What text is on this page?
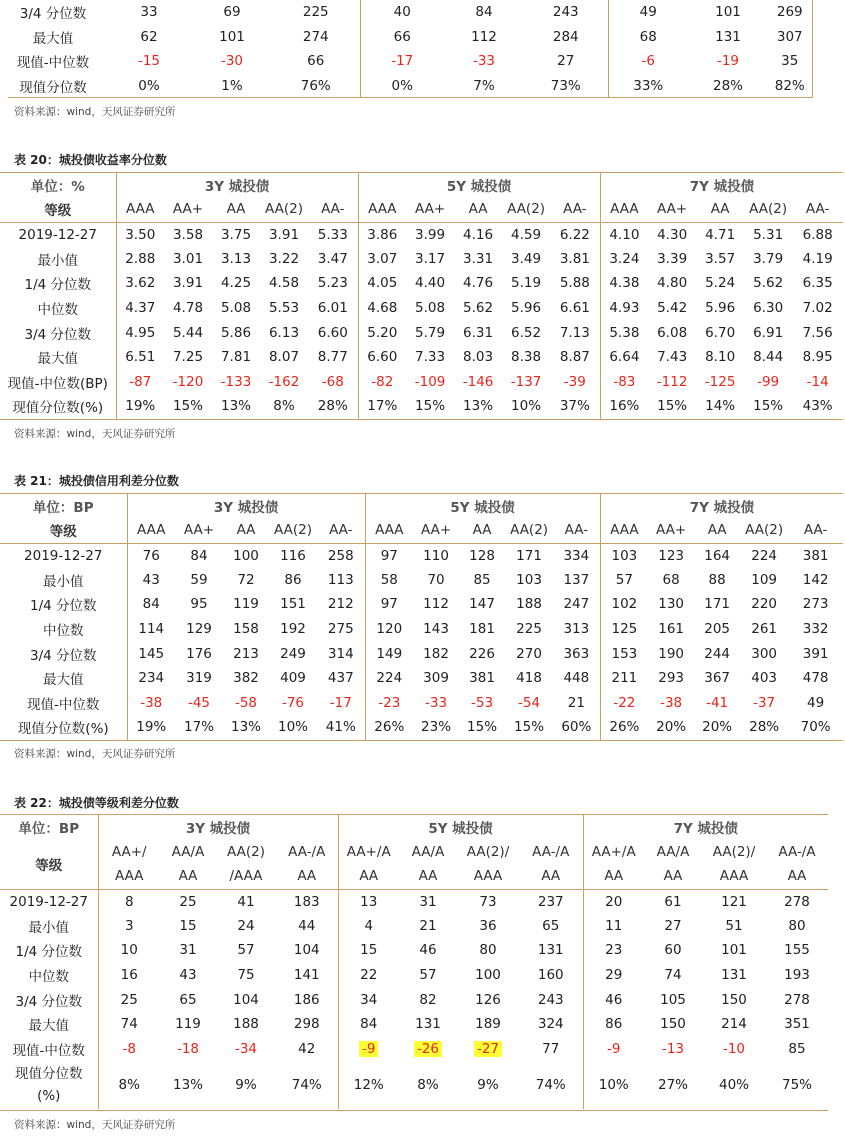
3/4 分位数	33	69	225	40	84	243	49	101	269	
最大值	62	101	274	66	112	284	68	131	307	
现值-中位数	-15	-30	66	-17	-33	27	-6	-19	35	
现值分位数	0%	1%	76%	0%	7%	73%	33%	28%	82%	
资料来源：wind，天风证券研究所
表 20：城投债收益率分位数
单位：%	3Y 城投债					5Y 城投债					7Y 城投债				
等级	AAA	AA+	AA	AA(2)	AA-	AAA	AA+	AA	AA(2)	AA-	AAA	AA+	AA	AA(2)	AA-
2019-12-27	3.50	3.58	3.75	3.91	5.33	3.86	3.99	4.16	4.59	6.22	4.10	4.30	4.71	5.31	6.88
最小值	2.88	3.01	3.13	3.22	3.47	3.07	3.17	3.31	3.49	3.81	3.24	3.39	3.57	3.79	4.19
1/4 分位数	3.62	3.91	4.25	4.58	5.23	4.05	4.40	4.76	5.19	5.88	4.38	4.80	5.24	5.62	6.35
中位数	4.37	4.78	5.08	5.53	6.01	4.68	5.08	5.62	5.96	6.61	4.93	5.42	5.96	6.30	7.02
3/4 分位数	4.95	5.44	5.86	6.13	6.60	5.20	5.79	6.31	6.52	7.13	5.38	6.08	6.70	6.91	7.56
最大值	6.51	7.25	7.81	8.07	8.77	6.60	7.33	8.03	8.38	8.87	6.64	7.43	8.10	8.44	8.95
现值-中位数(BP)	-87	-120	-133	-162	-68	-82	-109	-146	-137	-39	-83	-112	-125	-99	-14
现值分位数(%)	19%	15%	13%	8%	28%	17%	15%	13%	10%	37%	16%	15%	14%	15%	43%
资料来源：wind，天风证券研究所
表 21：城投债信用利差分位数
单位：BP	3Y 城投债					5Y 城投债					7Y 城投债				
等级	AAA	AA+	AA	AA(2)	AA-	AAA	AA+	AA	AA(2)	AA-	AAA	AA+	AA	AA(2)	AA-
2019-12-27	76	84	100	116	258	97	110	128	171	334	103	123	164	224	381
最小值	43	59	72	86	113	58	70	85	103	137	57	68	88	109	142
1/4 分位数	84	95	119	151	212	97	112	147	188	247	102	130	171	220	273
中位数	114	129	158	192	275	120	143	181	225	313	125	161	205	261	332
3/4 分位数	145	176	213	249	314	149	182	226	270	363	153	190	244	300	391
最大值	234	319	382	409	437	224	309	381	418	448	211	293	367	403	478
现值-中位数	-38	-45	-58	-76	-17	-23	-33	-53	-54	21	-22	-38	-41	-37	49
现值分位数(%)	19%	17%	13%	10%	41%	26%	23%	15%	15%	60%	26%	20%	20%	28%	70%
资料来源：wind，天风证券研究所
表 22：城投债等级利差分位数
单位：BP	3Y 城投债				5Y 城投债				7Y 城投债			
等级	AA+/	AA/A	AA(2)	AA-/A	AA+/A	AA/A	AA(2)/	AA-/A	AA+/A	AA/A	AA(2)/	AA-/A
	AAA	AA	/AAA	AA	AA	AA	AAA	AA	AA	AA	AAA	AA
2019-12-27	8	25	41	183	13	31	73	237	20	61	121	278
最小值	3	15	24	44	4	21	36	65	11	27	51	80
1/4 分位数	10	31	57	104	15	46	80	131	23	60	101	155
中位数	16	43	75	141	22	57	100	160	29	74	131	193
3/4 分位数	25	65	104	186	34	82	126	243	46	105	150	278
最大值	74	119	188	298	84	131	189	324	86	150	214	351
现值-中位数	-8	-18	-34	42	-9	-26	-27	77	-9	-13	-10	85

现值分位数
(%)	8%	13%	9%	74%	12%	8%	9%	74%	10%	27%	40%	75%
资料来源：wind，天风证券研究所
